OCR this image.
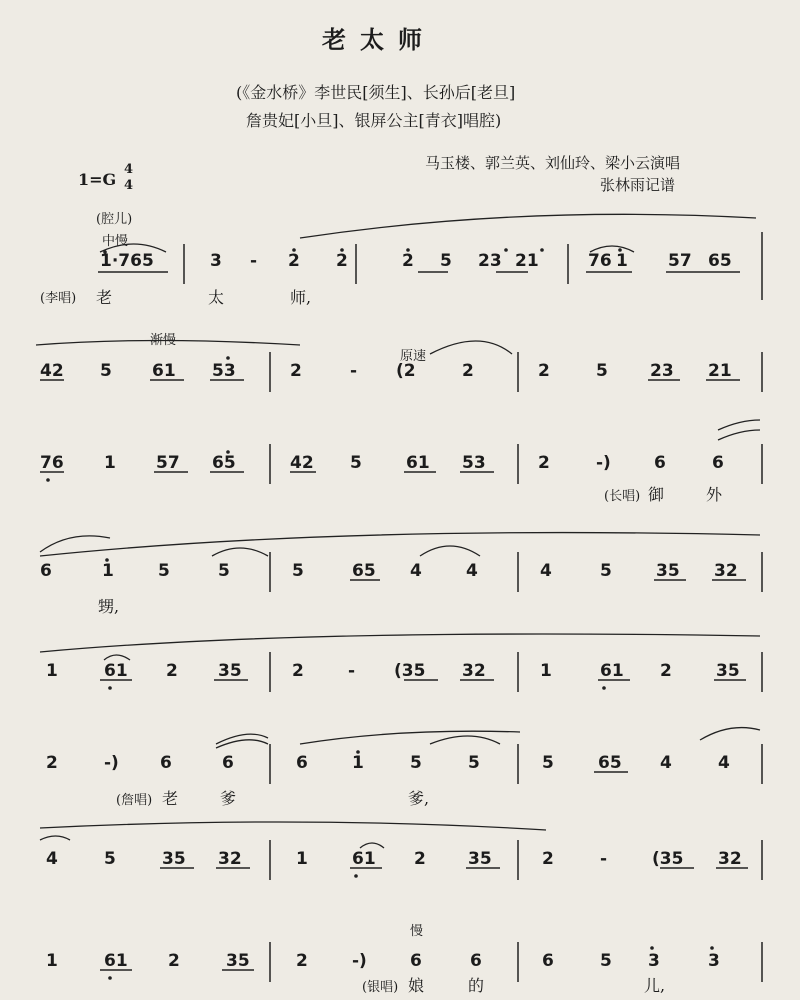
老太师
(《金水桥》李世民[须生]、长孙后[老旦]
詹贵妃[小旦]、银屏公主[青衣]唱腔)
1=G
4
4
马玉楼、郭兰英、刘仙玲、梁小云演唱
张林雨记谱
(腔儿)
中慢
渐慢
原速
慢
1·765	3 - 2 2	2 5 23 21	76 1 57 65
(李唱) 老	太	师,
42 5 61 53	2	- (2	2	2	5 23 21
76 1 57 65	42 5	61 53	2	-)	6	6
(长唱) 御	外
6	1	5	5	5	65 4	4	4	5	35 32
甥,
1	61 2 35	2	- (35 32	1	61 2	35
2	-) 6	6	6	1	5	5	5	65 4	4
(詹唱) 老	爹	爹,
4	5	35 32	1	61 2 35	2	-	(35 32
1	61 2	35	2	-)	6	6	6	5 3	3
(银唱) 娘	的	儿,
